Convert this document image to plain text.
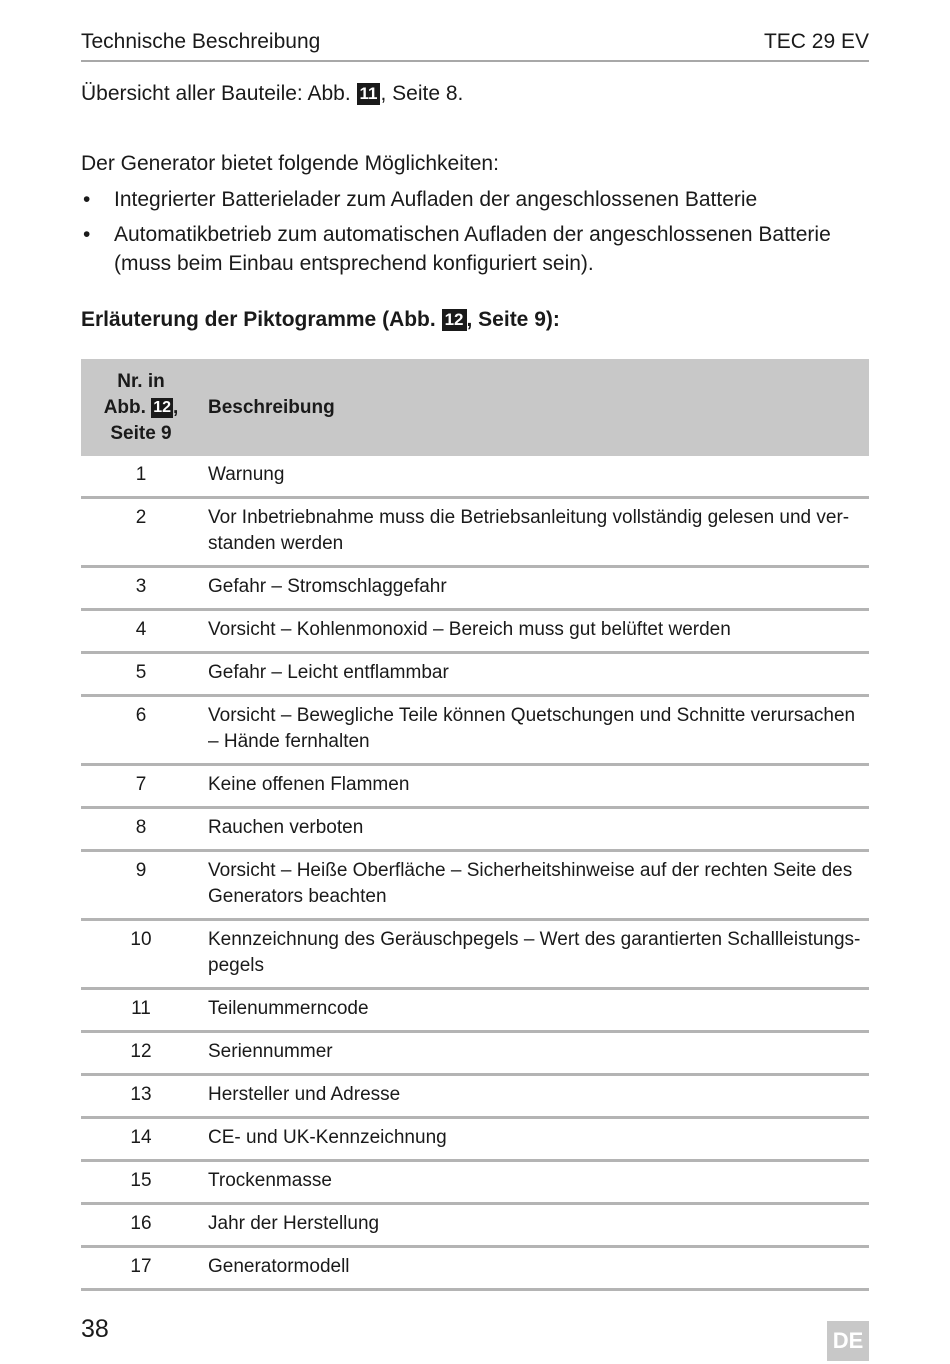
Technische Beschreibung	TEC 29 EV

Übersicht aller Bauteile: Abb. 11 , Seite 8.

Der Generator bietet folgende Möglichkeiten:

• Integrierter Batterielader zum Aufladen der angeschlossenen Batterie
• Automatikbetrieb zum automatischen Aufladen der angeschlossenen Batterie (muss beim Einbau entsprechend konfiguriert sein).
Erläuterung der Piktogramme (Abb. 12 , Seite 9):
Nr. in
Abb. 12 ,
Seite 9	Beschreibung
1	Warnung
2	Vor Inbetriebnahme muss die Betriebsanleitung vollständig gelesen und ver-standen werden
3	Gefahr – Stromschlaggefahr
4	Vorsicht – Kohlenmonoxid – Bereich muss gut belüftet werden
5	Gefahr – Leicht entflammbar
6	Vorsicht – Bewegliche Teile können Quetschungen und Schnitte verursachen – Hände fernhalten
7	Keine offenen Flammen
8	Rauchen verboten
9	Vorsicht – Heiße Oberfläche – Sicherheitshinweise auf der rechten Seite des Generators beachten
10	Kennzeichnung des Geräuschpegels – Wert des garantierten Schallleistungs-pegels
11	Teilenummerncode
12	Seriennummer
13	Hersteller und Adresse
14	CE- und UK-Kennzeichnung
15	Trockenmasse
16	Jahr der Herstellung
17	Generatormodell
38	DE
